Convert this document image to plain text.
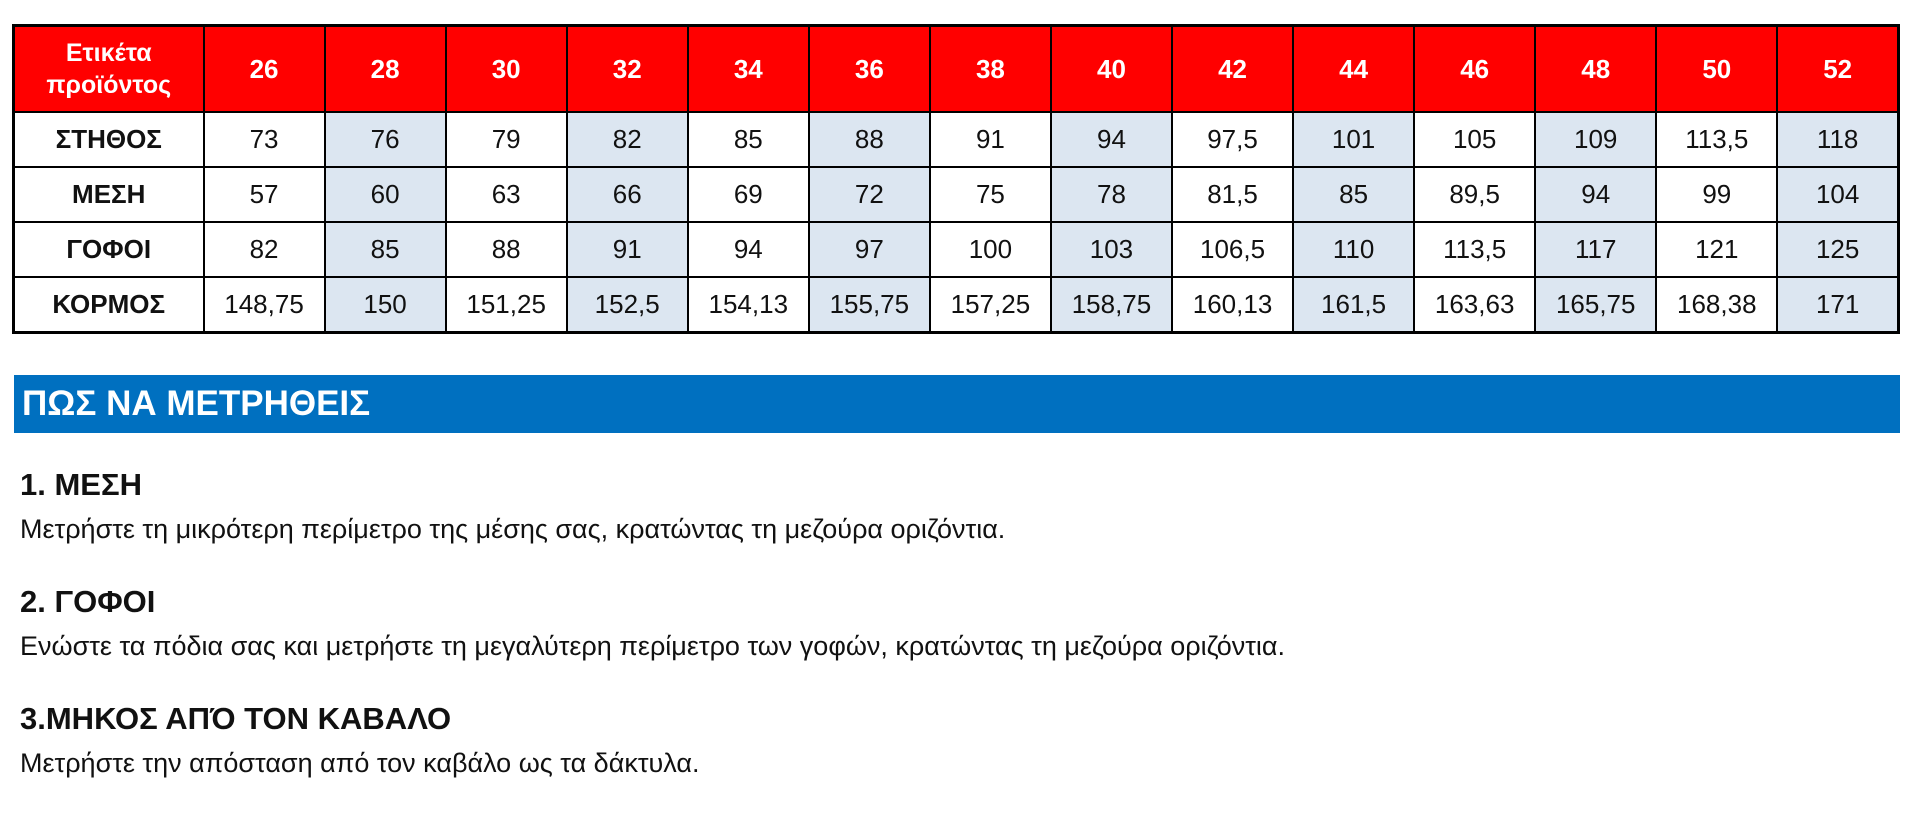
Ετικέτα
προϊόντος	26	28	30	32	34	36	38	40	42	44	46	48	50	52
ΣΤΗΘΟΣ	73	76	79	82	85	88	91	94	97,5	101	105	109	113,5	118
ΜΕΣΗ	57	60	63	66	69	72	75	78	81,5	85	89,5	94	99	104
ΓΟΦΟΙ	82	85	88	91	94	97	100	103	106,5	110	113,5	117	121	125
ΚΟΡΜΟΣ	148,75	150	151,25	152,5	154,13	155,75	157,25	158,75	160,13	161,5	163,63	165,75	168,38	171
ΠΩΣ ΝΑ ΜΕΤΡΗΘΕΙΣ
1. ΜΕΣΗ

Μετρήστε τη μικρότερη περίμετρο της μέσης σας, κρατώντας τη μεζούρα οριζόντια.

2. ΓΟΦΟΙ

Ενώστε τα πόδια σας και μετρήστε τη μεγαλύτερη περίμετρο των γοφών, κρατώντας τη μεζούρα οριζόντια.

3.ΜΗΚΟΣ ΑΠΌ ΤΟΝ ΚΑΒΑΛΟ

Μετρήστε την απόσταση από τον καβάλο ως τα δάκτυλα.
